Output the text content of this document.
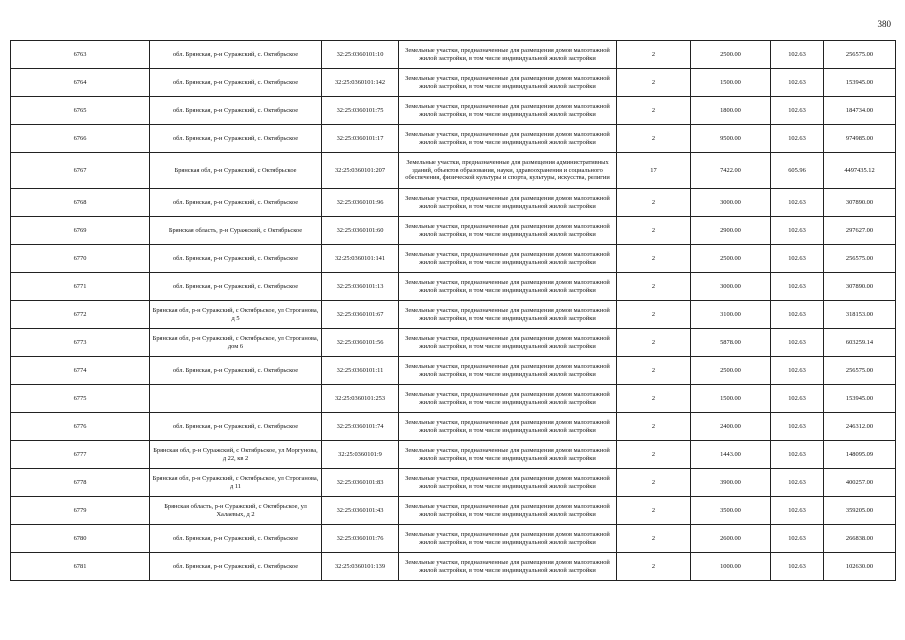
380
6763	обл. Брянская, р-н Суражский, с. Октябрьское	32:25:0360101:10	Земельные участки, предназначенные для размещения домов малоэтажной жилой застройки, в том числе индивидуальной жилой застройки	2	2500.00	102.63	256575.00
6764	обл. Брянская, р-н Суражский, с. Октябрьское	32:25:0360101:142	Земельные участки, предназначенные для размещения домов малоэтажной жилой застройки, в том числе индивидуальной жилой застройки	2	1500.00	102.63	153945.00
6765	обл. Брянская, р-н Суражский, с. Октябрьское	32:25:0360101:75	Земельные участки, предназначенные для размещения домов малоэтажной жилой застройки, в том числе индивидуальной жилой застройки	2	1800.00	102.63	184734.00
6766	обл. Брянская, р-н Суражский, с. Октябрьское	32:25:0360101:17	Земельные участки, предназначенные для размещения домов малоэтажной жилой застройки, в том числе индивидуальной жилой застройки	2	9500.00	102.63	974985.00
6767	Брянская обл, р-н Суражский, с Октябрьское	32:25:0360101:207	Земельные участки, предназначенные для размещения административных зданий, объектов образования, науки, здравоохранения и социального обеспечения, физической культуры и спорта, культуры, искусства, религии	17	7422.00	605.96	4497435.12
6768	обл. Брянская, р-н Суражский, с. Октябрьское	32:25:0360101:96	Земельные участки, предназначенные для размещения домов малоэтажной жилой застройки, в том числе индивидуальной жилой застройки	2	3000.00	102.63	307890.00
6769	Брянская область, р-н Суражский, с Октябрьское	32:25:0360101:60	Земельные участки, предназначенные для размещения домов малоэтажной жилой застройки, в том числе индивидуальной жилой застройки	2	2900.00	102.63	297627.00
6770	обл. Брянская, р-н Суражский, с. Октябрьское	32:25:0360101:141	Земельные участки, предназначенные для размещения домов малоэтажной жилой застройки, в том числе индивидуальной жилой застройки	2	2500.00	102.63	256575.00
6771	обл. Брянская, р-н Суражский, с. Октябрьское	32:25:0360101:13	Земельные участки, предназначенные для размещения домов малоэтажной жилой застройки, в том числе индивидуальной жилой застройки	2	3000.00	102.63	307890.00
6772	Брянская обл, р-н Суражский, с Октябрьское, ул Строганова, д 5	32:25:0360101:67	Земельные участки, предназначенные для размещения домов малоэтажной жилой застройки, в том числе индивидуальной жилой застройки	2	3100.00	102.63	318153.00
6773	Брянская обл, р-н Суражский, с Октябрьское, ул Строганова, дом 6	32:25:0360101:56	Земельные участки, предназначенные для размещения домов малоэтажной жилой застройки, в том числе индивидуальной жилой застройки	2	5878.00	102.63	603259.14
6774	обл. Брянская, р-н Суражский, с. Октябрьское	32:25:0360101:11	Земельные участки, предназначенные для размещения домов малоэтажной жилой застройки, в том числе индивидуальной жилой застройки	2	2500.00	102.63	256575.00
6775		32:25:0360101:253	Земельные участки, предназначенные для размещения домов малоэтажной жилой застройки, в том числе индивидуальной жилой застройки	2	1500.00	102.63	153945.00
6776	обл. Брянская, р-н Суражский, с. Октябрьское	32:25:0360101:74	Земельные участки, предназначенные для размещения домов малоэтажной жилой застройки, в том числе индивидуальной жилой застройки	2	2400.00	102.63	246312.00
6777	Брянская обл, р-н Суражский, с Октябрьское, ул Моргунова, д 22, кв 2	32:25:0360101:9	Земельные участки, предназначенные для размещения домов малоэтажной жилой застройки, в том числе индивидуальной жилой застройки	2	1443.00	102.63	148095.09
6778	Брянская обл, р-н Суражский, с Октябрьское, ул Строганова, д 11	32:25:0360101:83	Земельные участки, предназначенные для размещения домов малоэтажной жилой застройки, в том числе индивидуальной жилой застройки	2	3900.00	102.63	400257.00
6779	Брянская область, р-н Суражский, с Октябрьское, ул Халаевых, д 2	32:25:0360101:43	Земельные участки, предназначенные для размещения домов малоэтажной жилой застройки, в том числе индивидуальной жилой застройки	2	3500.00	102.63	359205.00
6780	обл. Брянская, р-н Суражский, с. Октябрьское	32:25:0360101:76	Земельные участки, предназначенные для размещения домов малоэтажной жилой застройки, в том числе индивидуальной жилой застройки	2	2600.00	102.63	266838.00
6781	обл. Брянская, р-н Суражский, с. Октябрьское	32:25:0360101:139	Земельные участки, предназначенные для размещения домов малоэтажной жилой застройки, в том числе индивидуальной жилой застройки	2	1000.00	102.63	102630.00
